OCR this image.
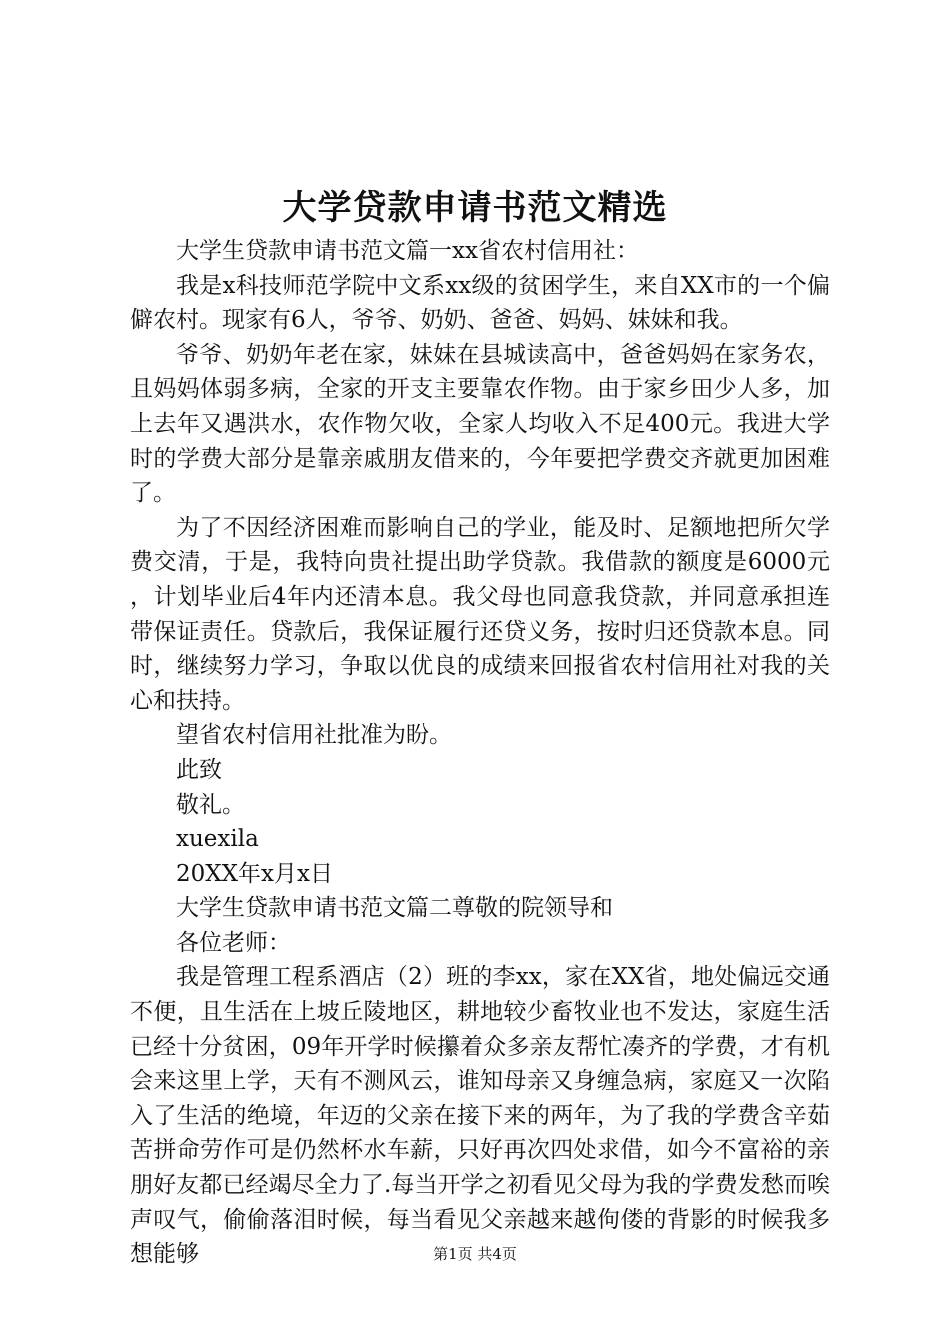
大学贷款申请书范文精选

大学生贷款申请书范文篇一xx省农村信用社：

我是x科技师范学院中文系xx级的贫困学生，来自XX市的一个偏僻农村。现家有6人，爷爷、奶奶、爸爸、妈妈、妹妹和我。

爷爷、奶奶年老在家，妹妹在县城读高中，爸爸妈妈在家务农，且妈妈体弱多病，全家的开支主要靠农作物。由于家乡田少人多，加上去年又遇洪水，农作物欠收，全家人均收入不足400元。我进大学时的学费大部分是靠亲戚朋友借来的，今年要把学费交齐就更加困难了。

为了不因经济困难而影响自己的学业，能及时、足额地把所欠学费交清，于是，我特向贵社提出助学贷款。我借款的额度是6000元，计划毕业后4年内还清本息。我父母也同意我贷款，并同意承担连带保证责任。贷款后，我保证履行还贷义务，按时归还贷款本息。同时，继续努力学习，争取以优良的成绩来回报省农村信用社对我的关心和扶持。

望省农村信用社批准为盼。

此致

敬礼。

xuexila

20XX年x月x日

大学生贷款申请书范文篇二尊敬的院领导和

各位老师：

我是管理工程系酒店（2）班的李xx，家在XX省，地处偏远交通不便，且生活在上坡丘陵地区，耕地较少畜牧业也不发达，家庭生活已经十分贫困，09年开学时候攥着众多亲友帮忙凑齐的学费，才有机会来这里上学，天有不测风云，谁知母亲又身缠急病，家庭又一次陷入了生活的绝境，年迈的父亲在接下来的两年，为了我的学费含辛茹苦拼命劳作可是仍然杯水车薪，只好再次四处求借，如今不富裕的亲朋好友都已经竭尽全力了.每当开学之初看见父母为我的学费发愁而唉声叹气，偷偷落泪时候，每当看见父亲越来越佝偻的背影的时候我多想能够	第1页 共4页
